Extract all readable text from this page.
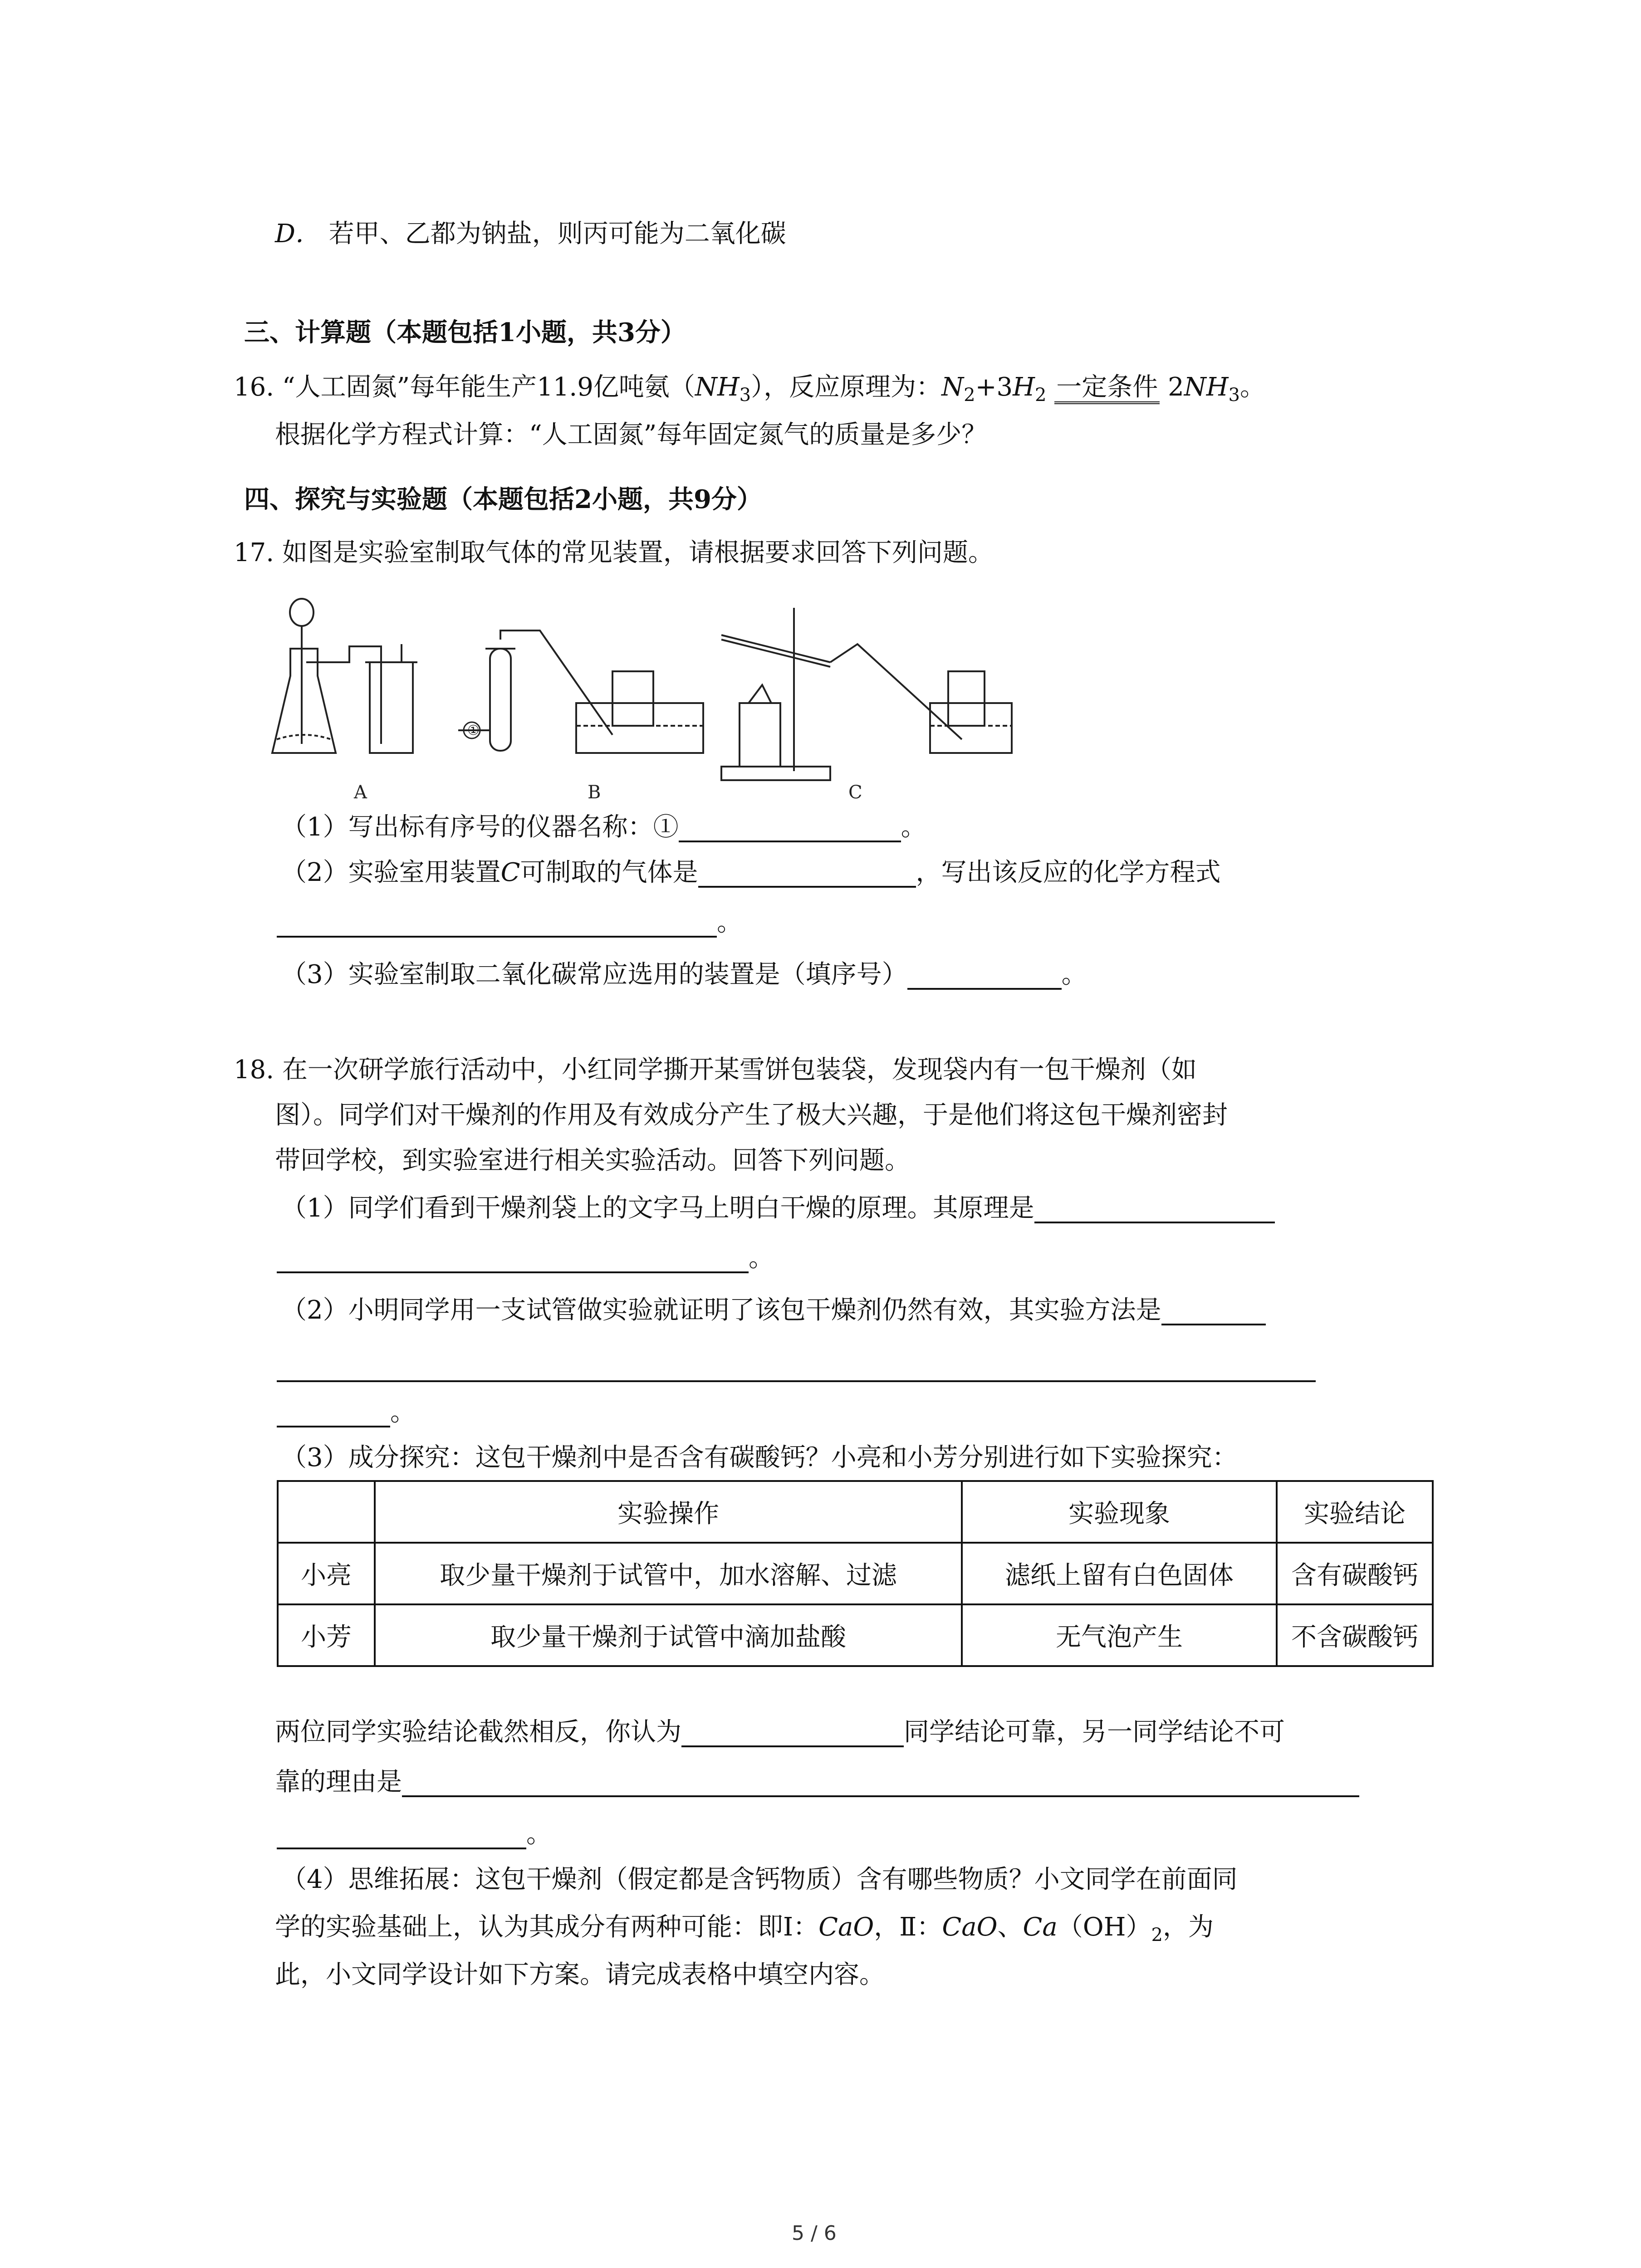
D． 若甲、乙都为钠盐，则丙可能为二氧化碳
三、计算题（本题包括1小题，共3分）
16. “人工固氮”每年能生产11.9亿吨氨$(NH_3)$，反应原理为：$N_2+3H_2$ 一定条件 $2NH_3$。
根据化学方程式计算：“人工固氮”每年固定氮气的质量是多少？
四、探究与实验题（本题包括2小题，共9分）
17. 如图是实验室制取气体的常见装置，请根据要求回答下列问题。
①
A	B	C
（1）写出标有序号的仪器名称：①	。
（2）实验室用装置C可制取的气体是	，写出该反应的化学方程式
。
（3）实验室制取二氧化碳常应选用的装置是（填序号）	。
18. 在一次研学旅行活动中，小红同学撕开某雪饼包装袋，发现袋内有一包干燥剂（如
图）。同学们对干燥剂的作用及有效成分产生了极大兴趣，于是他们将这包干燥剂密封
带回学校，到实验室进行相关实验活动。回答下列问题。
（1）同学们看到干燥剂袋上的文字马上明白干燥的原理。其原理是
。
（2）小明同学用一支试管做实验就证明了该包干燥剂仍然有效，其实验方法是
。
（3）成分探究：这包干燥剂中是否含有碳酸钙？小亮和小芳分别进行如下实验探究：
	实验操作	实验现象	实验结论
小亮	取少量干燥剂于试管中，加水溶解、过滤	滤纸上留有白色固体	含有碳酸钙
小芳	取少量干燥剂于试管中滴加盐酸	无气泡产生	不含碳酸钙
两位同学实验结论截然相反，你认为	同学结论可靠，另一同学结论不可
靠的理由是
。
（4）思维拓展：这包干燥剂（假定都是含钙物质）含有哪些物质？小文同学在前面同
学的实验基础上，认为其成分有两种可能：即Ⅰ：CaO，Ⅱ：CaO、$Ca(OH)_2$，为
此，小文同学设计如下方案。请完成表格中填空内容。
5 / 6
